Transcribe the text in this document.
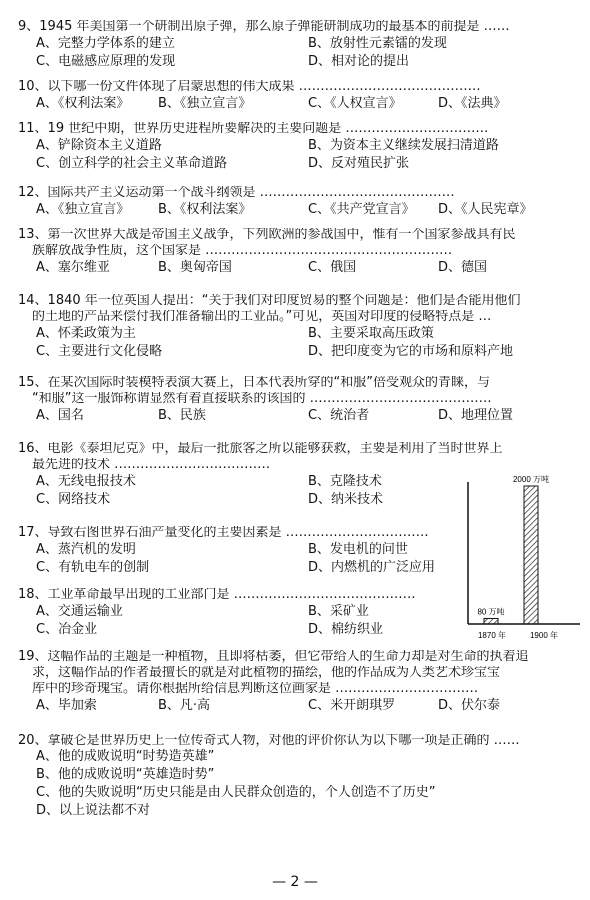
9、1945 年美国第一个研制出原子弹，那么原子弹能研制成功的最基本的前提是 ……
A、完整力学体系的建立	B、放射性元素镭的发现
C、电磁感应原理的发现	D、相对论的提出
10、以下哪一份文件体现了启蒙思想的伟大成果 ……………………………………
A、《权利法案》 B、《独立宣言》	C、《人权宣言》	D、《法典》
11、19 世纪中期，世界历史进程所要解决的主要问题是 ……………………………
A、铲除资本主义道路	B、为资本主义继续发展扫清道路
C、创立科学的社会主义革命道路	D、反对殖民扩张
12、国际共产主义运动第一个战斗纲领是 ………………………………………
A、《独立宣言》 B、《权利法案》	C、《共产党宣言》 D、《人民宪章》
13、第一次世界大战是帝国主义战争，下列欧洲的参战国中，惟有一个国家参战具有民
族解放战争性质，这个国家是 …………………………………………………
A、塞尔维亚	B、奥匈帝国	C、俄国	D、德国
14、1840 年一位英国人提出：“关于我们对印度贸易的整个问题是：他们是否能用他们
的土地的产品来偿付我们准备输出的工业品。”可见，英国对印度的侵略特点是 …
A、怀柔政策为主	B、主要采取高压政策
C、主要进行文化侵略	D、把印度变为它的市场和原料产地
15、在某次国际时装模特表演大赛上，日本代表所穿的“和服”倍受观众的青睐，与
“和服”这一服饰称谓显然有着直接联系的该国的 ……………………………………
A、国名	B、民族	C、统治者	D、地理位置
16、电影《泰坦尼克》中，最后一批旅客之所以能够获救，主要是利用了当时世界上
最先进的技术 ………………………………
A、无线电报技术	B、克隆技术
C、网络技术	D、纳米技术
17、导致右图世界石油产量变化的主要因素是 ……………………………
A、蒸汽机的发明	B、发电机的问世
C、有轨电车的创制	D、内燃机的广泛应用
18、工业革命最早出现的工业部门是 ……………………………………
A、交通运输业	B、采矿业
C、冶金业	D、棉纺织业
19、这幅作品的主题是一种植物，且即将枯萎，但它带给人的生命力却是对生命的执着追
求，这幅作品的作者最擅长的就是对此植物的描绘，他的作品成为人类艺术珍宝宝
库中的珍奇瑰宝。请你根据所给信息判断这位画家是 ……………………………
A、毕加索	B、凡·高	C、米开朗琪罗	D、伏尔泰
20、拿破仑是世界历史上一位传奇式人物，对他的评价你认为以下哪一项是正确的 ……
A、他的成败说明“时势造英雄”
B、他的成败说明“英雄造时势”
C、他的失败说明“历史只能是由人民群众创造的，个人创造不了历史”
D、以上说法都不对
80 万吨
2000 万吨
1870 年	1900 年
— 2 —
